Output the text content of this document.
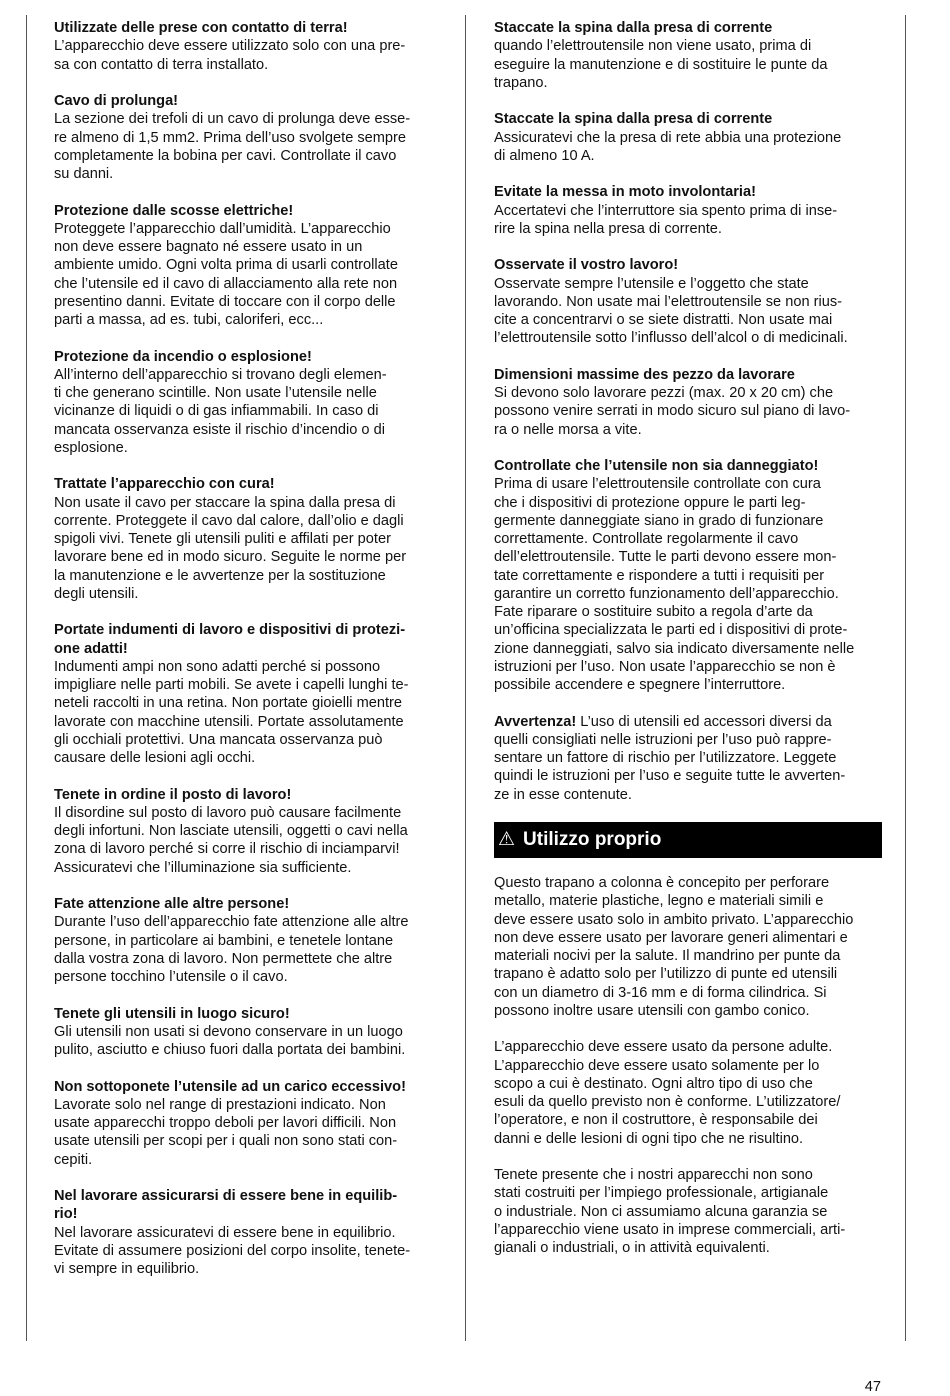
Utilizzate delle prese con contatto di terra!
L’apparecchio deve essere utilizzato solo con una pre-
sa con contatto di terra installato.
Cavo di prolunga!
La sezione dei trefoli di un cavo di prolunga deve esse-
re almeno di 1,5 mm2. Prima dell’uso svolgete sempre
completamente la bobina per cavi. Controllate il cavo
su danni.
Protezione dalle scosse elettriche!
Proteggete l’apparecchio dall’umidità. L’apparecchio
non deve essere bagnato né essere usato in un
ambiente umido. Ogni volta prima di usarli controllate
che l’utensile ed il cavo di allacciamento alla rete non
presentino danni. Evitate di toccare con il corpo delle
parti a massa, ad es. tubi, caloriferi, ecc...
Protezione da incendio o esplosione!
All’interno dell’apparecchio si trovano degli elemen-
ti che generano scintille. Non usate l’utensile nelle
vicinanze di liquidi o di gas infiammabili. In caso di
mancata osservanza esiste il rischio d’incendio o di
esplosione.
Trattate l’apparecchio con cura!
Non usate il cavo per staccare la spina dalla presa di
corrente. Proteggete il cavo dal calore, dall’olio e dagli
spigoli vivi. Tenete gli utensili puliti e affilati per poter
lavorare bene ed in modo sicuro. Seguite le norme per
la manutenzione e le avvertenze per la sostituzione
degli utensili.
Portate indumenti di lavoro e dispositivi di protezi-
one adatti!
Indumenti ampi non sono adatti perché si possono
impigliare nelle parti mobili. Se avete i capelli lunghi te-
neteli raccolti in una retina. Non portate gioielli mentre
lavorate con macchine utensili. Portate assolutamente
gli occhiali protettivi. Una mancata osservanza può
causare delle lesioni agli occhi.
Tenete in ordine il posto di lavoro!
Il disordine sul posto di lavoro può causare facilmente
degli infortuni. Non lasciate utensili, oggetti o cavi nella
zona di lavoro perché si corre il rischio di inciamparvi!
Assicuratevi che l’illuminazione sia sufficiente.
Fate attenzione alle altre persone!
Durante l’uso dell’apparecchio fate attenzione alle altre
persone, in particolare ai bambini, e tenetele lontane
dalla vostra zona di lavoro. Non permettete che altre
persone tocchino l’utensile o il cavo.
Tenete gli utensili in luogo sicuro!
Gli utensili non usati si devono conservare in un luogo
pulito, asciutto e chiuso fuori dalla portata dei bambini.
Non sottoponete l’utensile ad un carico eccessivo!
Lavorate solo nel range di prestazioni indicato. Non
usate apparecchi troppo deboli per lavori difficili. Non
usate utensili per scopi per i quali non sono stati con-
cepiti.
Nel lavorare assicurarsi di essere bene in equilib-
rio!
Nel lavorare assicuratevi di essere bene in equilibrio.
Evitate di assumere posizioni del corpo insolite, tenete-
vi sempre in equilibrio.
Staccate la spina dalla presa di corrente
quando l’elettroutensile non viene usato, prima di
eseguire la manutenzione e di sostituire le punte da
trapano.
Staccate la spina dalla presa di corrente
Assicuratevi che la presa di rete abbia una protezione
di almeno 10 A.
Evitate la messa in moto involontaria!
Accertatevi che l’interruttore sia spento prima di inse-
rire la spina nella presa di corrente.
Osservate il vostro lavoro!
Osservate sempre l’utensile e l’oggetto che state
lavorando. Non usate mai l’elettroutensile se non rius-
cite a concentrarvi o se siete distratti. Non usate mai
l’elettroutensile sotto l’influsso dell’alcol o di medicinali.
Dimensioni massime des pezzo da lavorare
Si devono solo lavorare pezzi (max. 20 x 20 cm) che
possono venire serrati in modo sicuro sul piano di lavo-
ra o nelle morsa a vite.
Controllate che l’utensile non sia danneggiato!
Prima di usare l’elettroutensile controllate con cura
che i dispositivi di protezione oppure le parti leg-
germente danneggiate siano in grado di funzionare
correttamente. Controllate regolarmente il cavo
dell’elettroutensile. Tutte le parti devono essere mon-
tate correttamente e rispondere a tutti i requisiti per
garantire un corretto funzionamento dell’apparecchio.
Fate riparare o sostituire subito a regola d’arte da
un’officina specializzata le parti ed i dispositivi di prote-
zione danneggiati, salvo sia indicato diversamente nelle
istruzioni per l’uso. Non usate l’apparecchio se non è
possibile accendere e spegnere l’interruttore.
Avvertenza! L’uso di utensili ed accessori diversi da
quelli consigliati nelle istruzioni per l’uso può rappre-
sentare un fattore di rischio per l’utilizzatore. Leggete
quindi le istruzioni per l’uso e seguite tutte le avverten-
ze in esse contenute.
⚠ Utilizzo proprio
Questo trapano a colonna è concepito per perforare
metallo, materie plastiche, legno e materiali simili e
deve essere usato solo in ambito privato. L’apparecchio
non deve essere usato per lavorare generi alimentari e
materiali nocivi per la salute. Il mandrino per punte da
trapano è adatto solo per l’utilizzo di punte ed utensili
con un diametro di 3-16 mm e di forma cilindrica. Si
possono inoltre usare utensili con gambo conico.
L’apparecchio deve essere usato da persone adulte.
L’apparecchio deve essere usato solamente per lo
scopo a cui è destinato. Ogni altro tipo di uso che
esuli da quello previsto non è conforme. L’utilizzatore/
l’operatore, e non il costruttore, è responsabile dei
danni e delle lesioni di ogni tipo che ne risultino.
Tenete presente che i nostri apparecchi non sono
stati costruiti per l’impiego professionale, artigianale
o industriale. Non ci assumiamo alcuna garanzia se
l’apparecchio viene usato in imprese commerciali, arti-
gianali o industriali, o in attività equivalenti.
47
